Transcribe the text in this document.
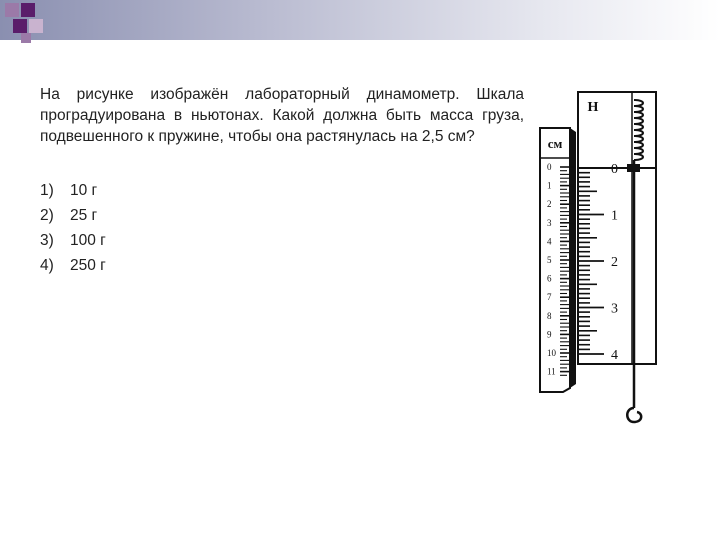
На рисунке изображён лабораторный динамометр. Шкала проградуирована в ньютонах. Какой должна быть масса груза, подвешенного к пружине, чтобы она растянулась на 2,5 см?
1)	10 г
2)	25 г
3)	100 г
4)	250 г
см
0
1
2
3
4
5
6
7
8
9
10
11
Н
0
1
2
3
4
